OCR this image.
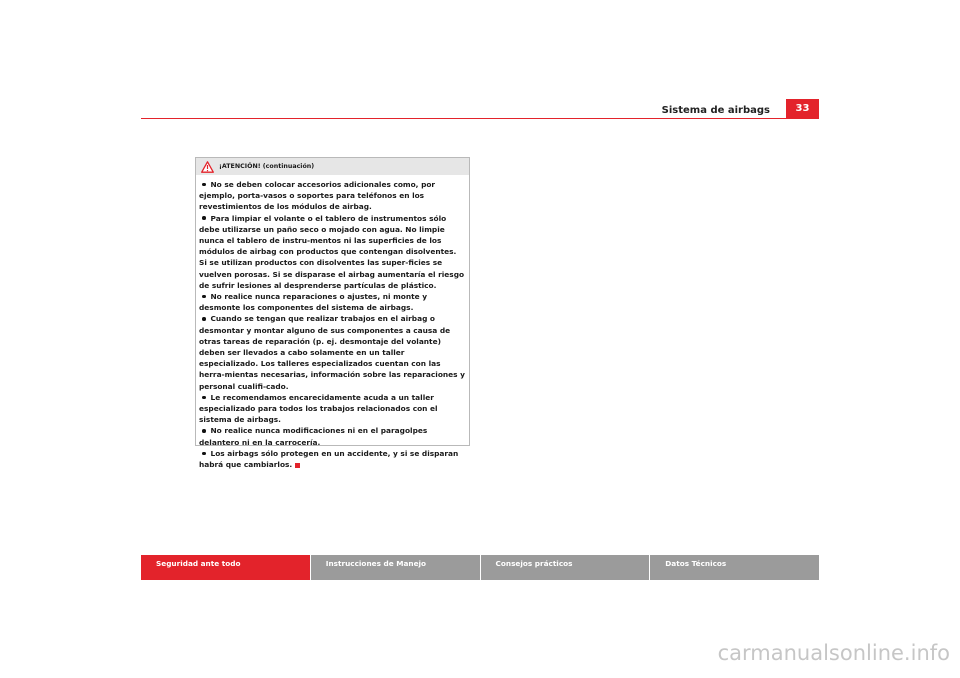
Sistema de airbags	33
¡ATENCIÓN! (continuación)

No se deben colocar accesorios adicionales como, por ejemplo, porta-vasos o soportes para teléfonos en los revestimientos de los módulos de airbag.

Para limpiar el volante o el tablero de instrumentos sólo debe utilizarse un paño seco o mojado con agua. No limpie nunca el tablero de instru-mentos ni las superficies de los módulos de airbag con productos que contengan disolventes. Si se utilizan productos con disolventes las super-ficies se vuelven porosas. Si se disparase el airbag aumentaría el riesgo de sufrir lesiones al desprenderse partículas de plástico.

No realice nunca reparaciones o ajustes, ni monte y desmonte los componentes del sistema de airbags.

Cuando se tengan que realizar trabajos en el airbag o desmontar y montar alguno de sus componentes a causa de otras tareas de reparación (p. ej. desmontaje del volante) deben ser llevados a cabo solamente en un taller especializado. Los talleres especializados cuentan con las herra-mientas necesarias, información sobre las reparaciones y personal cualifi-cado.

Le recomendamos encarecidamente acuda a un taller especializado para todos los trabajos relacionados con el sistema de airbags.

No realice nunca modificaciones ni en el paragolpes delantero ni en la carrocería.

Los airbags sólo protegen en un accidente, y si se disparan habrá que cambiarlos.

Seguridad ante todo	Instrucciones de Manejo	Consejos prácticos	Datos Técnicos
carmanualsonline.info
